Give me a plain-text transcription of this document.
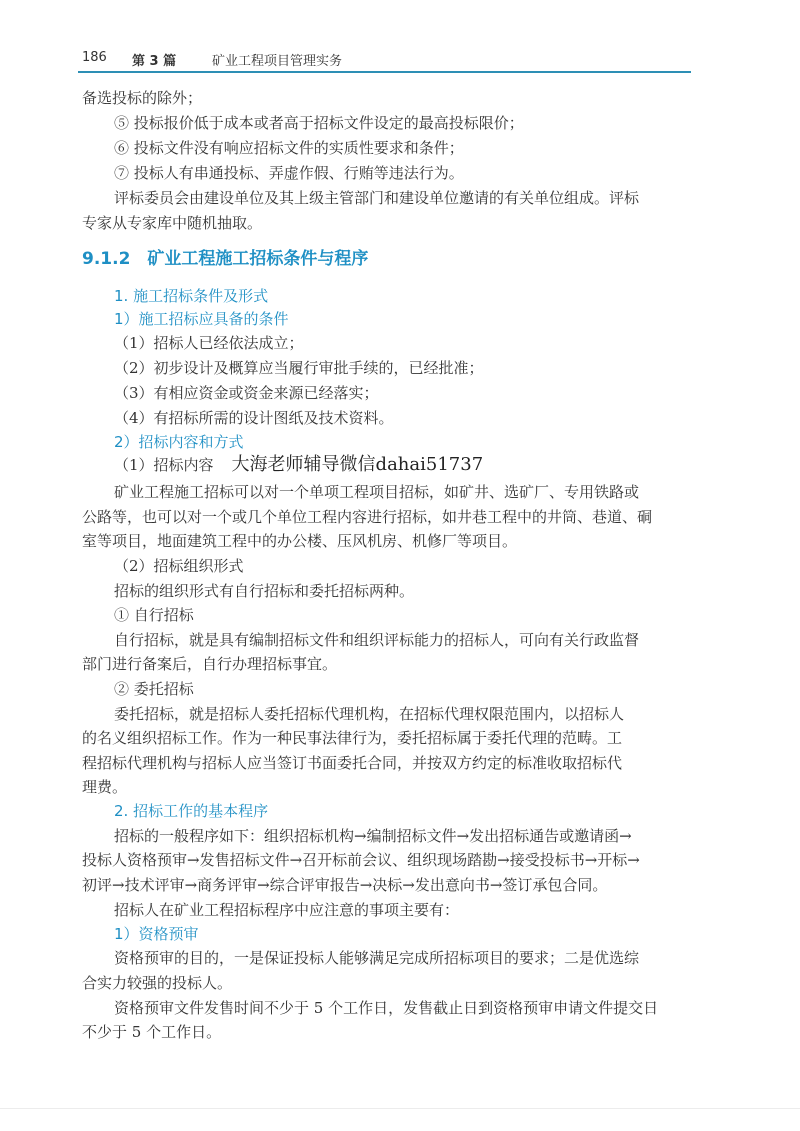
186 第 3 篇	矿业工程项目管理实务
备选投标的除外；
⑤ 投标报价低于成本或者高于招标文件设定的最高投标限价；
⑥ 投标文件没有响应招标文件的实质性要求和条件；
⑦ 投标人有串通投标、弄虚作假、行贿等违法行为。
评标委员会由建设单位及其上级主管部门和建设单位邀请的有关单位组成。评标
专家从专家库中随机抽取。
9.1.2　矿业工程施工招标条件与程序
1. 施工招标条件及形式
1）施工招标应具备的条件
（1）招标人已经依法成立；
（2）初步设计及概算应当履行审批手续的，已经批准；
（3）有相应资金或资金来源已经落实；
（4）有招标所需的设计图纸及技术资料。
2）招标内容和方式
（1）招标内容 大海老师辅导微信dahai51737
矿业工程施工招标可以对一个单项工程项目招标，如矿井、选矿厂、专用铁路或
公路等，也可以对一个或几个单位工程内容进行招标，如井巷工程中的井筒、巷道、硐
室等项目，地面建筑工程中的办公楼、压风机房、机修厂等项目。
（2）招标组织形式
招标的组织形式有自行招标和委托招标两种。
① 自行招标
自行招标，就是具有编制招标文件和组织评标能力的招标人，可向有关行政监督
部门进行备案后，自行办理招标事宜。
② 委托招标
委托招标，就是招标人委托招标代理机构，在招标代理权限范围内，以招标人
的名义组织招标工作。作为一种民事法律行为，委托招标属于委托代理的范畴。工
程招标代理机构与招标人应当签订书面委托合同，并按双方约定的标准收取招标代
理费。
2. 招标工作的基本程序
招标的一般程序如下：组织招标机构→编制招标文件→发出招标通告或邀请函→
投标人资格预审→发售招标文件→召开标前会议、组织现场踏勘→接受投标书→开标→
初评→技术评审→商务评审→综合评审报告→决标→发出意向书→签订承包合同。
招标人在矿业工程招标程序中应注意的事项主要有：
1）资格预审
资格预审的目的，一是保证投标人能够满足完成所招标项目的要求；二是优选综
合实力较强的投标人。
资格预审文件发售时间不少于 5 个工作日，发售截止日到资格预审申请文件提交日
不少于 5 个工作日。
